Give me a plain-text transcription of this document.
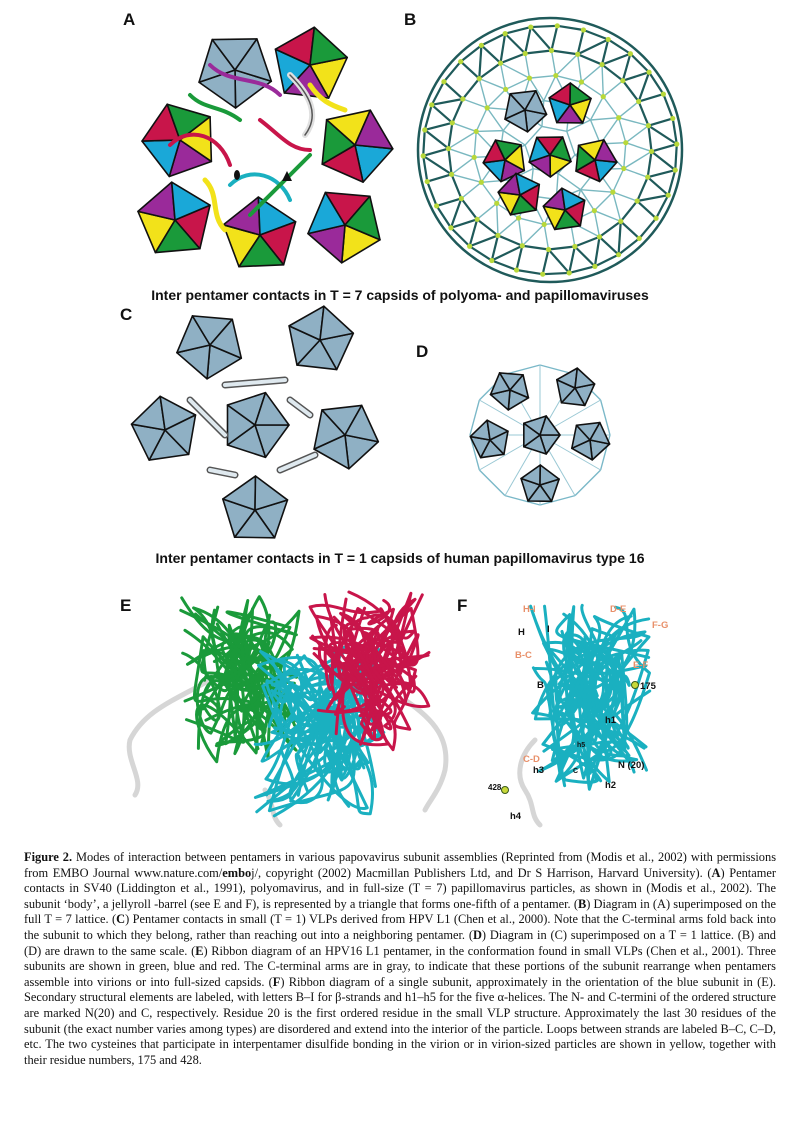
A	B
C
D
E	F
Inter pentamer contacts in T = 7 capsids of polyoma- and papillomaviruses
Inter pentamer contacts in T = 1 capsids of human papillomavirus type 16
H-I
H I
D-E
F-G
B-C
E-F
175
B
h1
h5
C-D
h3	C
N (20)
h2
428
h4
Figure 2. Modes of interaction between pentamers in various papovavirus subunit assemblies (Reprinted from (Modis et al., 2002) with permissions from EMBO Journal www.nature.com/emboj/, copyright (2002) Macmillan Publishers Ltd, and Dr S Harrison, Harvard University). (A) Pentamer contacts in SV40 (Liddington et al., 1991), polyomavirus, and in full-size (T = 7) papillomavirus particles, as shown in (Modis et al., 2002). The subunit ‘body’, a jellyroll -barrel (see E and F), is represented by a triangle that forms one-fifth of a pentamer. (B) Diagram in (A) superimposed on the full T = 7 lattice. (C) Pentamer contacts in small (T = 1) VLPs derived from HPV L1 (Chen et al., 2000). Note that the C-terminal arms fold back into the subunit to which they belong, rather than reaching out into a neighboring pentamer. (D) Diagram in (C) superimposed on a T = 1 lattice. (B) and (D) are drawn to the same scale. (E) Ribbon diagram of an HPV16 L1 pentamer, in the conformation found in small VLPs (Chen et al., 2001). Three subunits are shown in green, blue and red. The C-terminal arms are in gray, to indicate that these portions of the subunit rearrange when pentamers assemble into virions or into full-sized capsids. (F) Ribbon diagram of a single subunit, approximately in the orientation of the blue subunit in (E). Secondary structural elements are labeled, with letters B–I for β-strands and h1–h5 for the five α-helices. The N- and C-termini of the ordered structure are marked N(20) and C, respectively. Residue 20 is the first ordered residue in the small VLP structure. Approximately the last 30 residues of the subunit (the exact number varies among types) are disordered and extend into the interior of the particle. Loops between strands are labeled B–C, C–D, etc. The two cysteines that participate in interpentamer disulfide bonding in the virion or in virion-sized particles are shown in yellow, together with their residue numbers, 175 and 428.
